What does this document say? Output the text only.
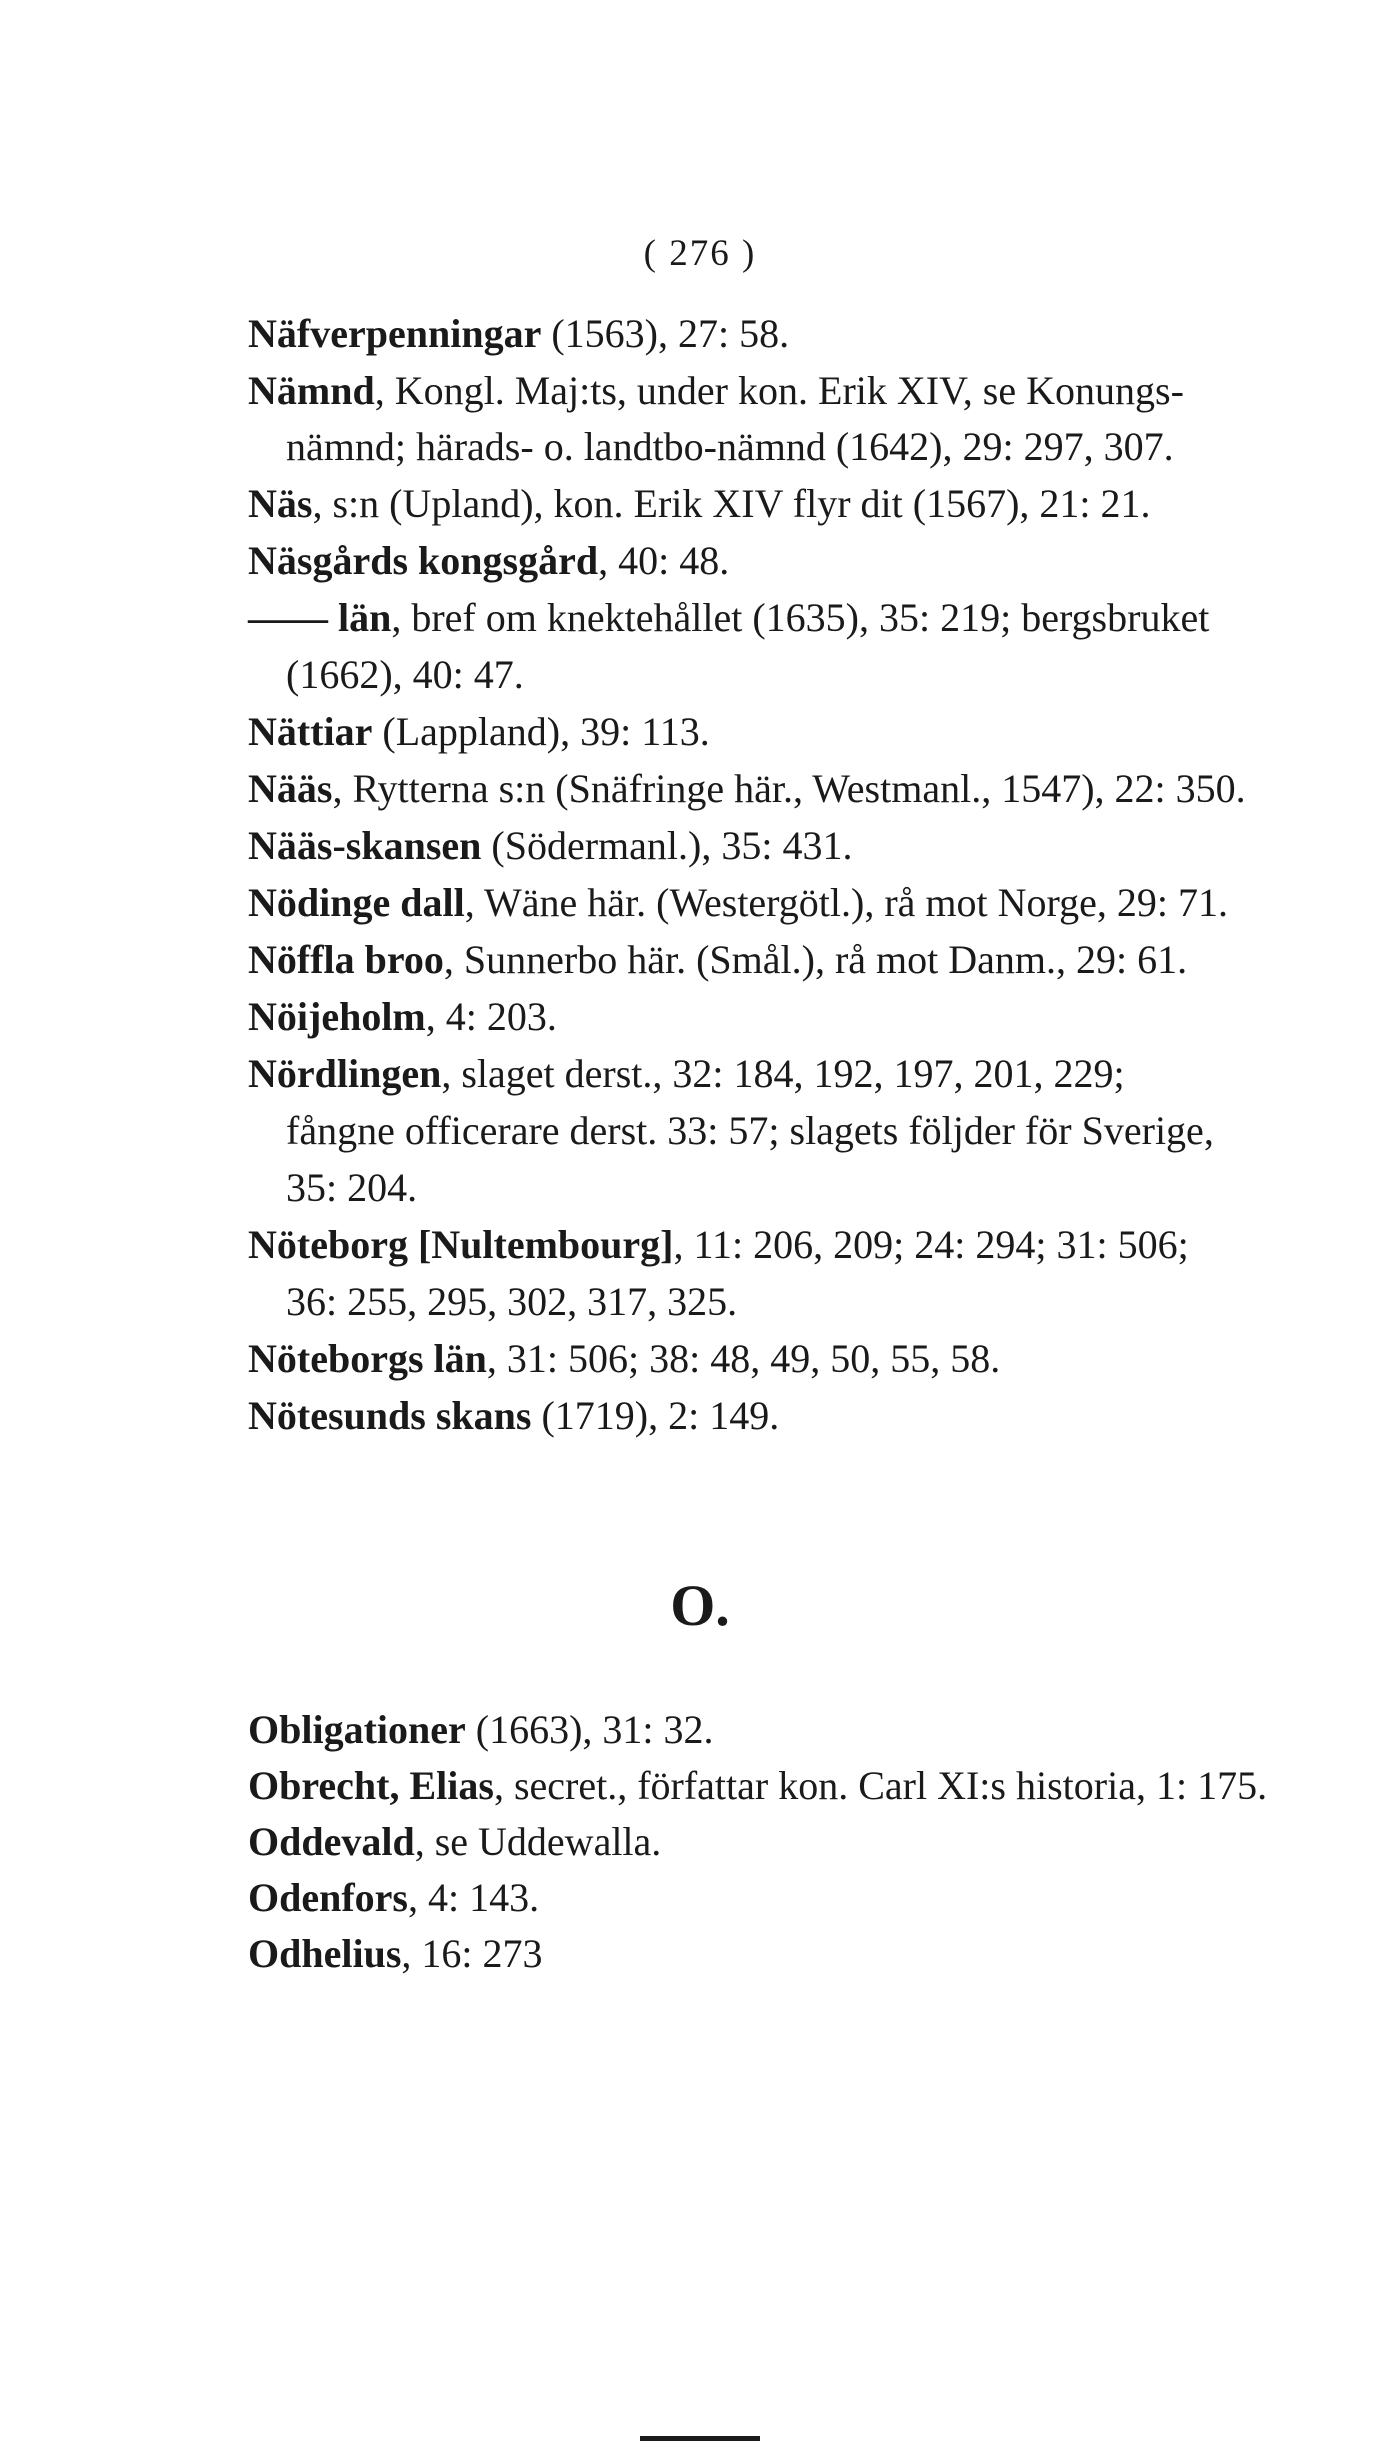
( 276 )
Näfverpenningar (1563), 27: 58.
Nämnd, Kongl. Maj:ts, under kon. Erik XIV, se Konungs-
nämnd; härads- o. landtbo-nämnd (1642), 29: 297, 307.
Näs, s:n (Upland), kon. Erik XIV flyr dit (1567), 21: 21.
Näsgårds kongsgård, 40: 48.
—— län, bref om knektehållet (1635), 35: 219; bergsbruket
(1662), 40: 47.
Nättiar (Lappland), 39: 113.
Nääs, Rytterna s:n (Snäfringe här., Westmanl., 1547), 22: 350.
Nääs-skansen (Södermanl.), 35: 431.
Nödinge dall, Wäne här. (Westergötl.), rå mot Norge, 29: 71.
Nöffla broo, Sunnerbo här. (Smål.), rå mot Danm., 29: 61.
Nöijeholm, 4: 203.
Nördlingen, slaget derst., 32: 184, 192, 197, 201, 229;
fångne officerare derst. 33: 57; slagets följder för Sverige,
35: 204.
Nöteborg [Nultembourg], 11: 206, 209; 24: 294; 31: 506;
36: 255, 295, 302, 317, 325.
Nöteborgs län, 31: 506; 38: 48, 49, 50, 55, 58.
Nötesunds skans (1719), 2: 149.
O.
Obligationer (1663), 31: 32.
Obrecht, Elias, secret., författar kon. Carl XI:s historia, 1: 175.
Oddevald, se Uddewalla.
Odenfors, 4: 143.
Odhelius, 16: 273
